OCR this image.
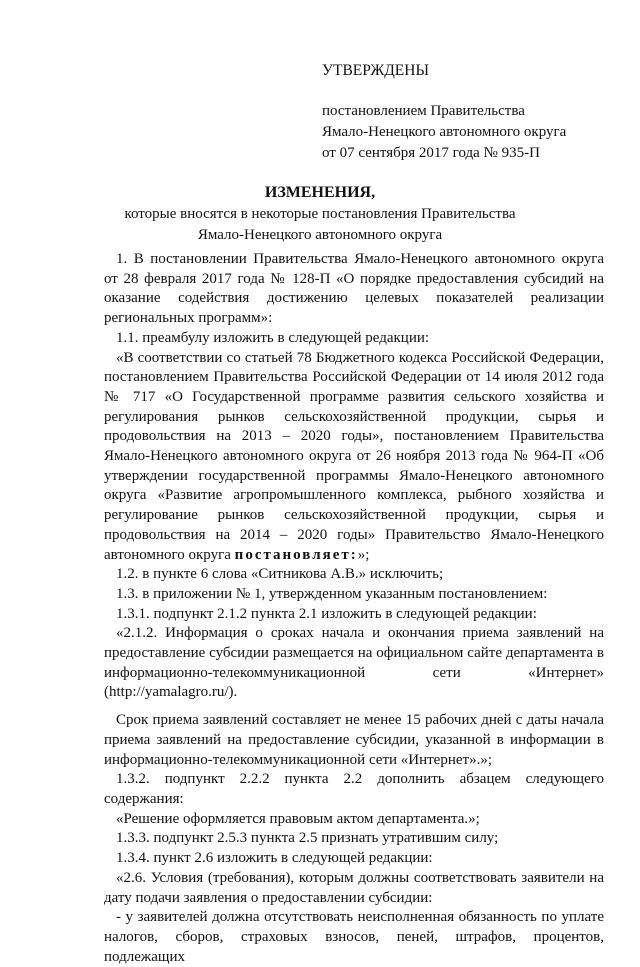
УТВЕРЖДЕНЫ
постановлением Правительства
Ямало-Ненецкого автономного округа
от 07 сентября 2017 года № 935-П
ИЗМЕНЕНИЯ,
которые вносятся в некоторые постановления Правительства
Ямало-Ненецкого автономного округа

1. В постановлении Правительства Ямало-Ненецкого автономного округа от 28 февраля 2017 года № 128-П «О порядке предоставления субсидий на оказание содействия достижению целевых показателей реализации региональных программ»:

1.1. преамбулу изложить в следующей редакции:

«В соответствии со статьей 78 Бюджетного кодекса Российской Федерации, постановлением Правительства Российской Федерации от 14 июля 2012 года № 717 «О Государственной программе развития сельского хозяйства и регулирования рынков сельскохозяйственной продукции, сырья и продовольствия на 2013 – 2020 годы», постановлением Правительства Ямало-Ненецкого автономного округа от 26 ноября 2013 года № 964-П «Об утверждении государственной программы Ямало-Ненецкого автономного округа «Развитие агропромышленного комплекса, рыбного хозяйства и регулирование рынков сельскохозяйственной продукции, сырья и продовольствия на 2014 – 2020 годы» Правительство Ямало-Ненецкого автономного округа постановляет:»;

1.2. в пункте 6 слова «Ситникова А.В.» исключить;

1.3. в приложении № 1, утвержденном указанным постановлением:

1.3.1. подпункт 2.1.2 пункта 2.1 изложить в следующей редакции:

«2.1.2. Информация о сроках начала и окончания приема заявлений на предоставление субсидии размещается на официальном сайте департамента в информационно-телекоммуникационной сети «Интернет» (http://yamalagro.ru/).

Срок приема заявлений составляет не менее 15 рабочих дней с даты начала приема заявлений на предоставление субсидии, указанной в информации в информационно-телекоммуникационной сети «Интернет».»;

1.3.2. подпункт 2.2.2 пункта 2.2 дополнить абзацем следующего содержания:

«Решение оформляется правовым актом департамента.»;

1.3.3. подпункт 2.5.3 пункта 2.5 признать утратившим силу;

1.3.4. пункт 2.6 изложить в следующей редакции:

«2.6. Условия (требования), которым должны соответствовать заявители на дату подачи заявления о предоставлении субсидии:

- у заявителей должна отсутствовать неисполненная обязанность по уплате налогов, сборов, страховых взносов, пеней, штрафов, процентов, подлежащих
